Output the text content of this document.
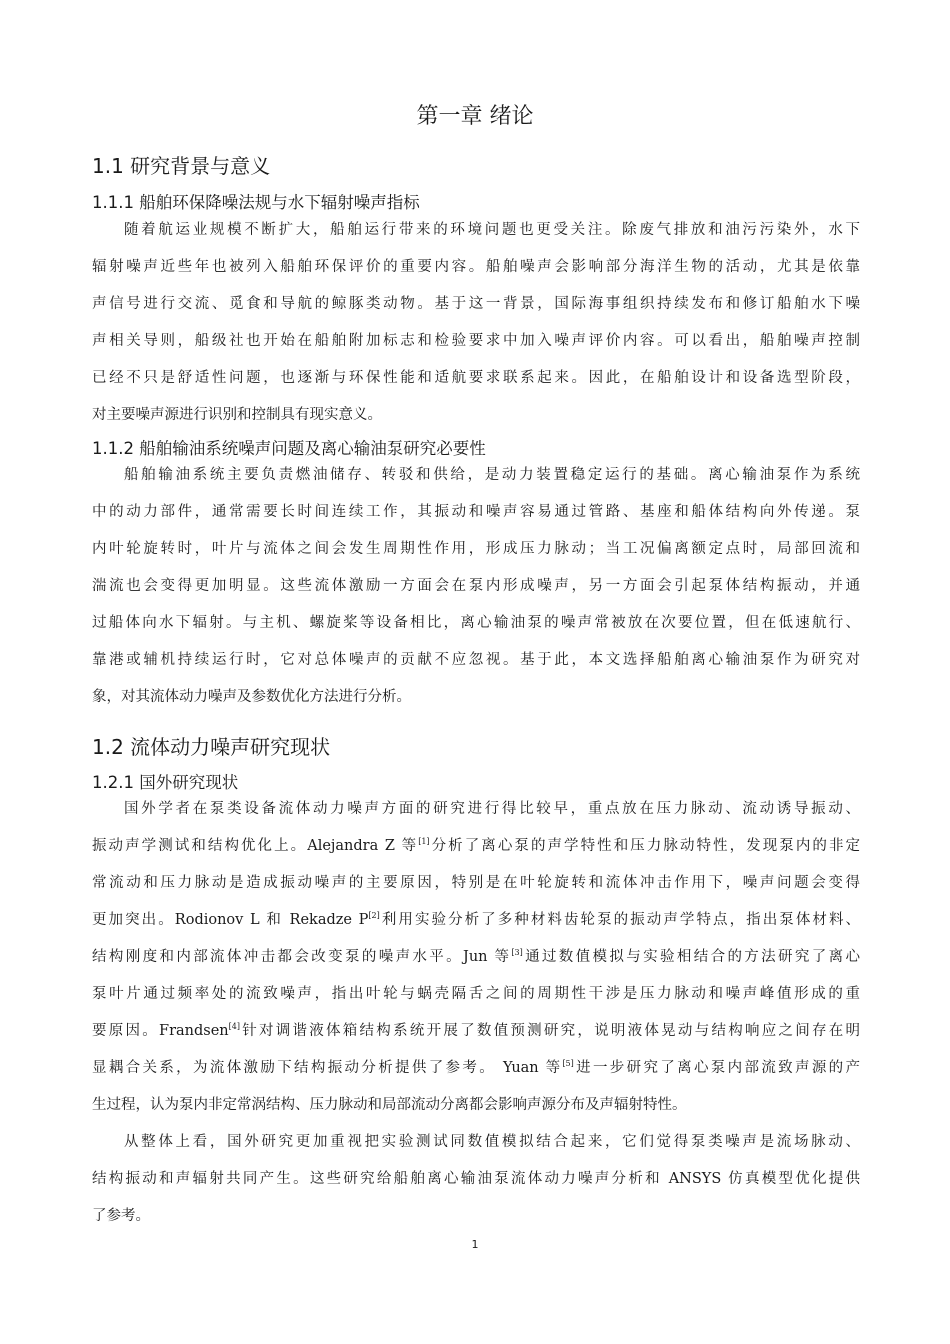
第一章 绪论
1.1 研究背景与意义
1.1.1 船舶环保降噪法规与水下辐射噪声指标
随着航运业规模不断扩大，船舶运行带来的环境问题也更受关注。除废气排放和油污污染外，水下
辐射噪声近些年也被列入船舶环保评价的重要内容。船舶噪声会影响部分海洋生物的活动，尤其是依靠
声信号进行交流、觅食和导航的鲸豚类动物。基于这一背景，国际海事组织持续发布和修订船舶水下噪
声相关导则，船级社也开始在船舶附加标志和检验要求中加入噪声评价内容。可以看出，船舶噪声控制
已经不只是舒适性问题，也逐渐与环保性能和适航要求联系起来。因此，在船舶设计和设备选型阶段，
对主要噪声源进行识别和控制具有现实意义。
1.1.2 船舶输油系统噪声问题及离心输油泵研究必要性
船舶输油系统主要负责燃油储存、转驳和供给，是动力装置稳定运行的基础。离心输油泵作为系统
中的动力部件，通常需要长时间连续工作，其振动和噪声容易通过管路、基座和船体结构向外传递。泵
内叶轮旋转时，叶片与流体之间会发生周期性作用，形成压力脉动；当工况偏离额定点时，局部回流和
湍流也会变得更加明显。这些流体激励一方面会在泵内形成噪声，另一方面会引起泵体结构振动，并通
过船体向水下辐射。与主机、螺旋桨等设备相比，离心输油泵的噪声常被放在次要位置，但在低速航行、
靠港或辅机持续运行时，它对总体噪声的贡献不应忽视。基于此，本文选择船舶离心输油泵作为研究对
象，对其流体动力噪声及参数优化方法进行分析。
1.2 流体动力噪声研究现状
1.2.1 国外研究现状
国外学者在泵类设备流体动力噪声方面的研究进行得比较早，重点放在压力脉动、流动诱导振动、
振动声学测试和结构优化上。Alejandra Z 等[1]分析了离心泵的声学特性和压力脉动特性，发现泵内的非定
常流动和压力脉动是造成振动噪声的主要原因，特别是在叶轮旋转和流体冲击作用下，噪声问题会变得
更加突出。Rodionov L 和 Rekadze P[2]利用实验分析了多种材料齿轮泵的振动声学特点，指出泵体材料、
结构刚度和内部流体冲击都会改变泵的噪声水平。Jun 等[3]通过数值模拟与实验相结合的方法研究了离心
泵叶片通过频率处的流致噪声，指出叶轮与蜗壳隔舌之间的周期性干涉是压力脉动和噪声峰值形成的重
要原因。Frandsen[4]针对调谐液体箱结构系统开展了数值预测研究，说明液体晃动与结构响应之间存在明
显耦合关系，为流体激励下结构振动分析提供了参考。 Yuan 等[5]进一步研究了离心泵内部流致声源的产
生过程，认为泵内非定常涡结构、压力脉动和局部流动分离都会影响声源分布及声辐射特性。
从整体上看，国外研究更加重视把实验测试同数值模拟结合起来，它们觉得泵类噪声是流场脉动、
结构振动和声辐射共同产生。这些研究给船舶离心输油泵流体动力噪声分析和 ANSYS 仿真模型优化提供
了参考。
1
